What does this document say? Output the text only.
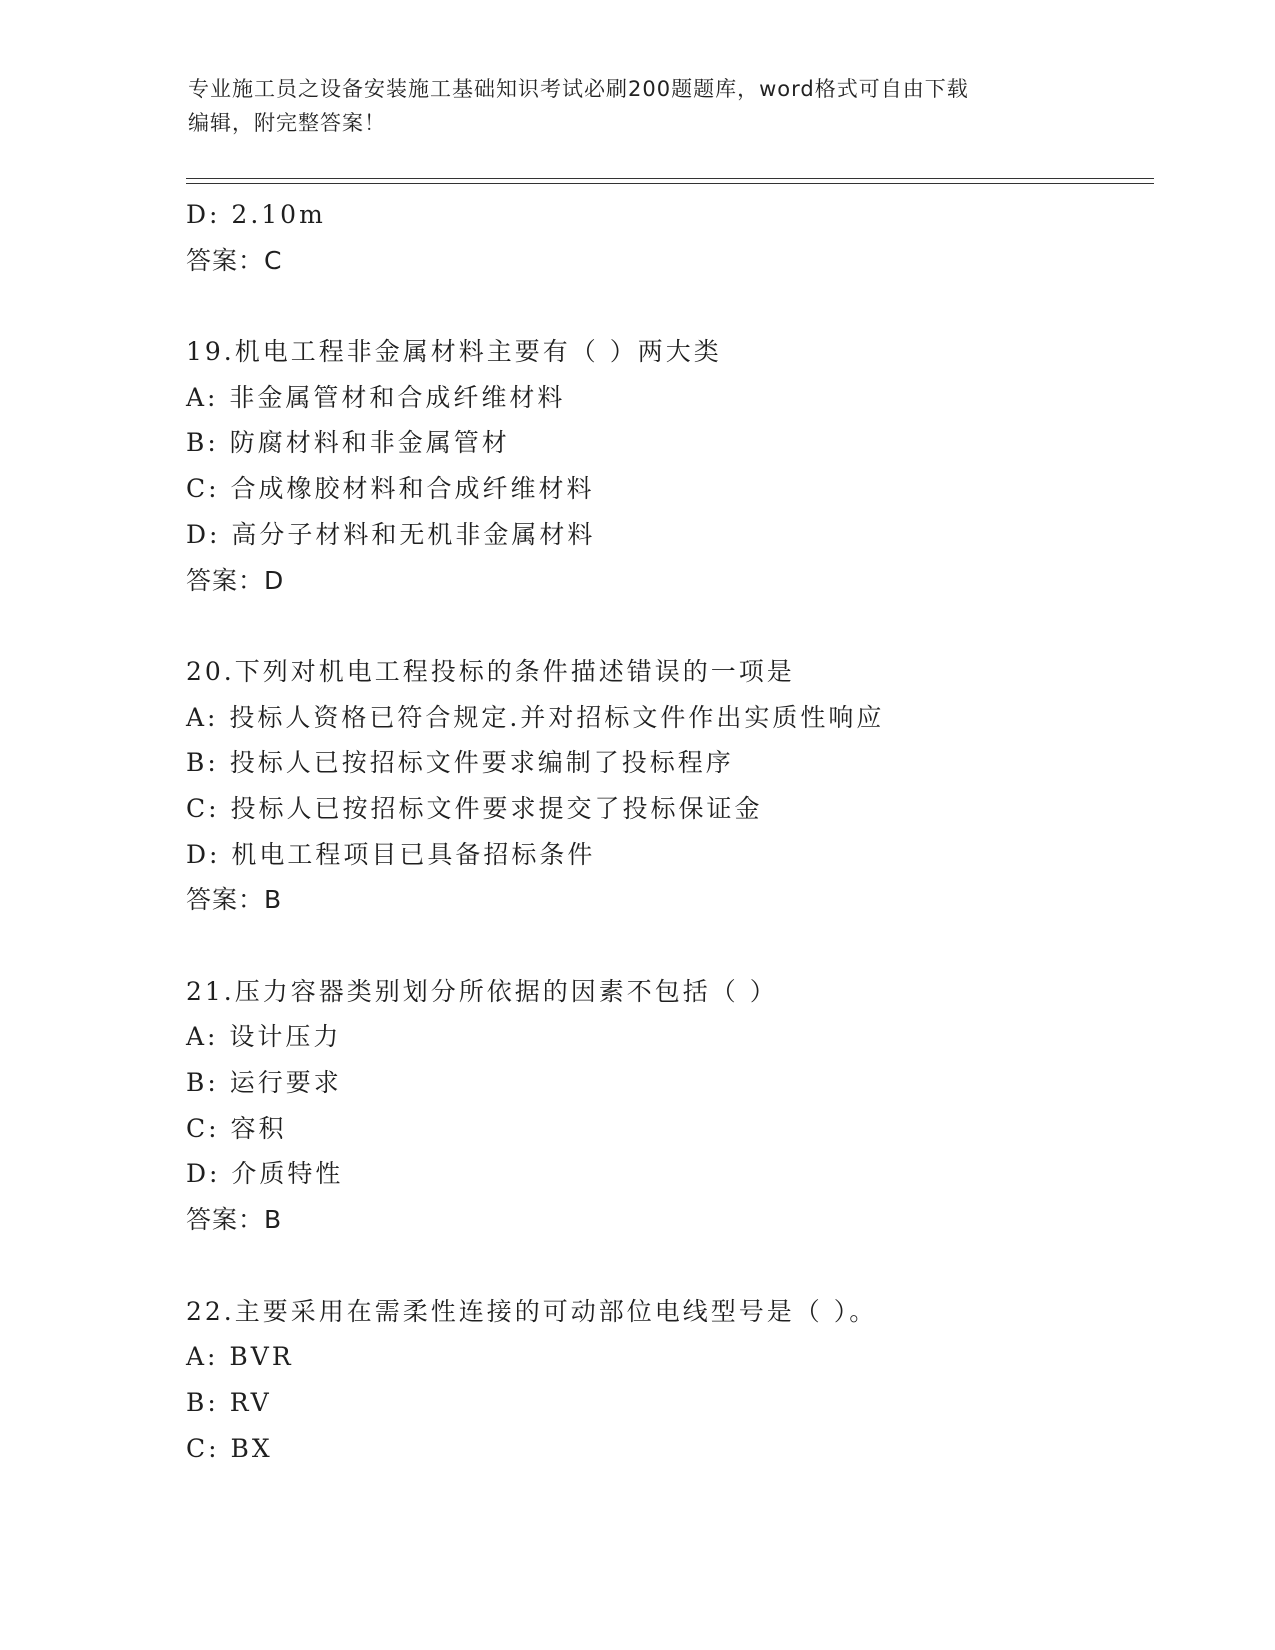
专业施工员之设备安装施工基础知识考试必刷200题题库，word格式可自由下载
编辑，附完整答案！
D: 2.10m
答案：C
19.机电工程非金属材料主要有（ ）两大类
A: 非金属管材和合成纤维材料
B: 防腐材料和非金属管材
C: 合成橡胶材料和合成纤维材料
D: 高分子材料和无机非金属材料
答案：D
20.下列对机电工程投标的条件描述错误的一项是
A: 投标人资格已符合规定.并对招标文件作出实质性响应
B: 投标人已按招标文件要求编制了投标程序
C: 投标人已按招标文件要求提交了投标保证金
D: 机电工程项目已具备招标条件
答案：B
21.压力容器类别划分所依据的因素不包括（ ）
A: 设计压力
B: 运行要求
C: 容积
D: 介质特性
答案：B
22.主要采用在需柔性连接的可动部位电线型号是（ ）。
A: BVR
B: RV
C: BX
